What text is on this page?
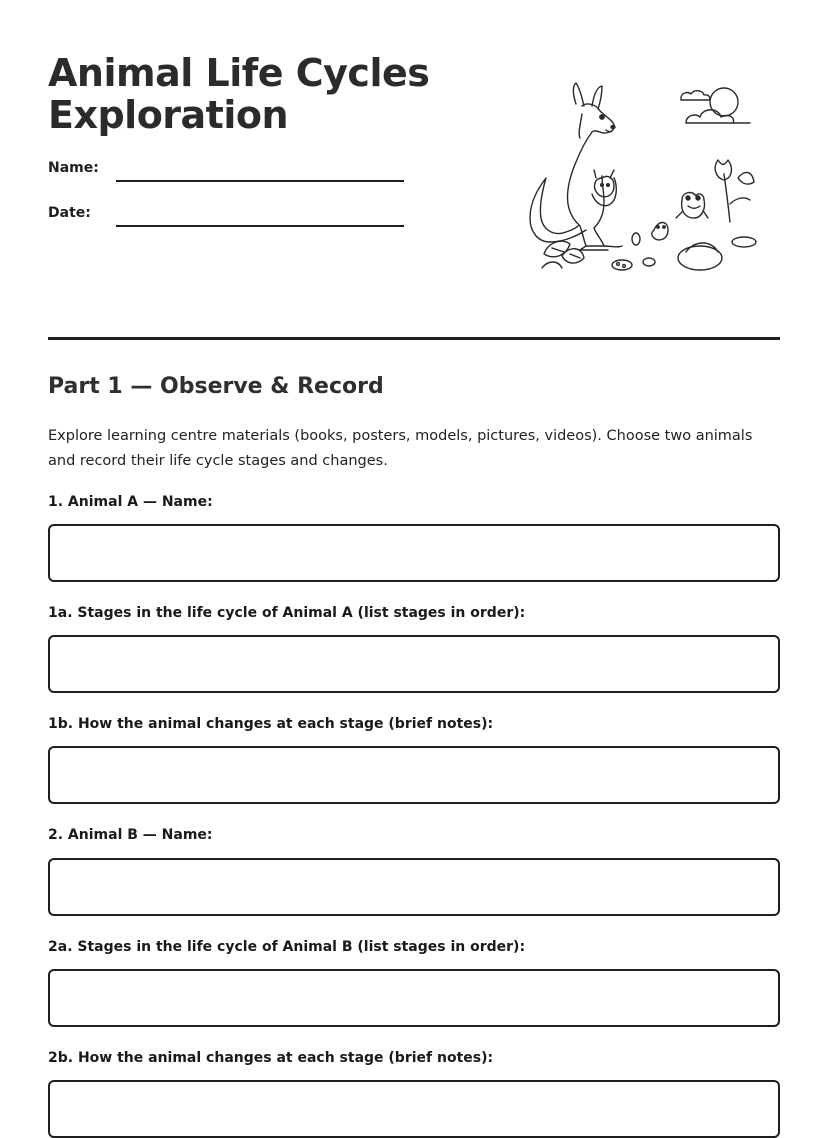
Animal Life Cycles
Exploration
Name:
Date:
Part 1 — Observe & Record

Explore learning centre materials (books, posters, models, pictures, videos). Choose two animals and record their life cycle stages and changes.

1. Animal A — Name:
1a. Stages in the life cycle of Animal A (list stages in order):
1b. How the animal changes at each stage (brief notes):
2. Animal B — Name:
2a. Stages in the life cycle of Animal B (list stages in order):
2b. How the animal changes at each stage (brief notes):
